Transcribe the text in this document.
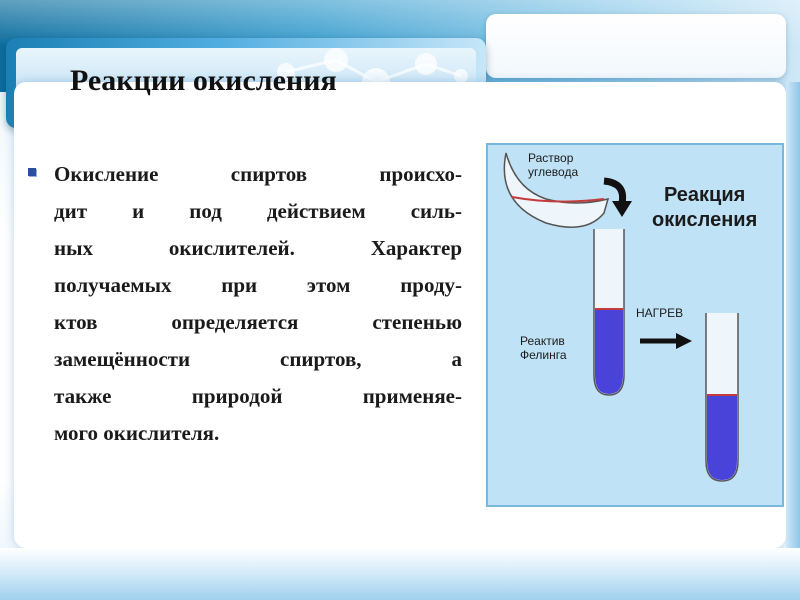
Реакции окисления

Окисление спиртов происхо-
дит и под действием силь-
ных окислителей. Характер
получаемых при этом проду-
ктов определяется степенью
замещённости спиртов, а
также природой применяе-
мого окислителя.

Раствор
углевода

Реакция
окисления

НАГРЕВ

Реактив
Фелинга
